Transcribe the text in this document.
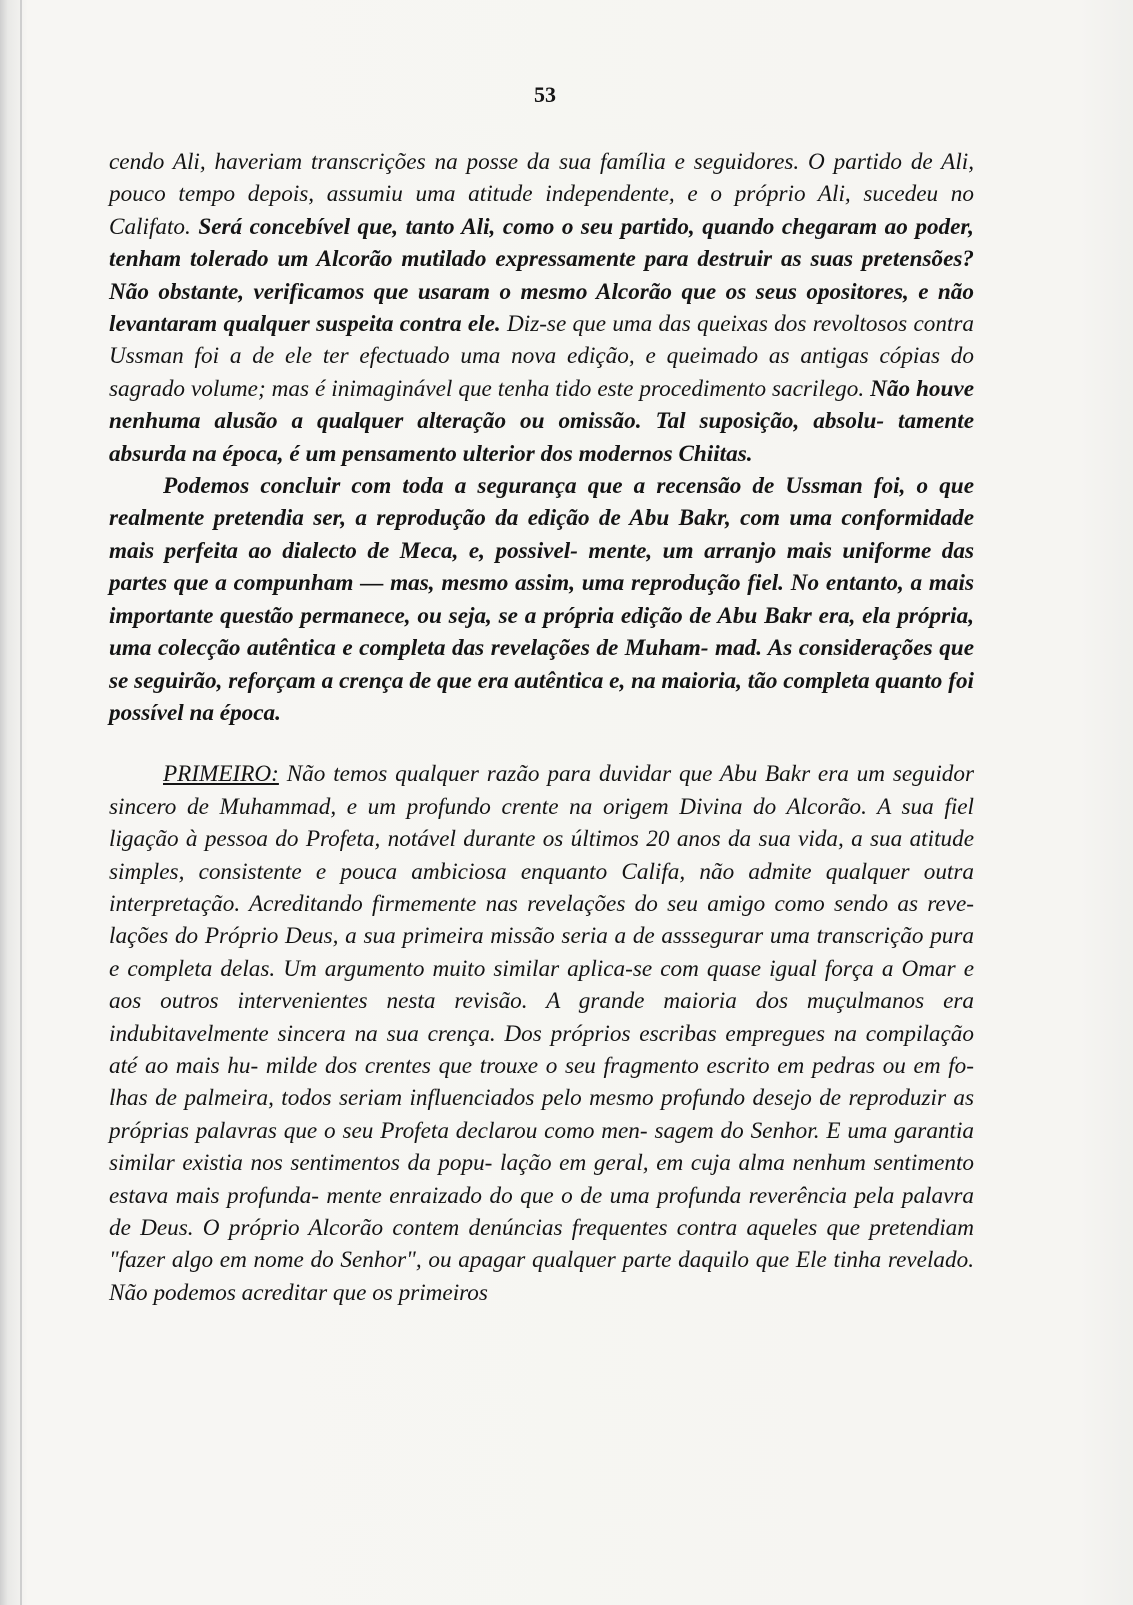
53

cendo Ali, haveriam transcrições na posse da sua família e seguidores. O partido de Ali, pouco tempo depois, assumiu uma atitude independente, e o próprio Ali, sucedeu no Califato. Será concebível que, tanto Ali, como o seu partido, quando chegaram ao poder, tenham tolerado um Alcorão mutilado expressamente para destruir as suas pretensões? Não obstante, verificamos que usaram o mesmo Alcorão que os seus opositores, e não levantaram qualquer suspeita contra ele. Diz-se que uma das queixas dos revoltosos contra Ussman foi a de ele ter efectuado uma nova edição, e queimado as antigas cópias do sagrado volume; mas é inimaginável que tenha tido este procedimento sacrilego. Não houve nenhuma alusão a qualquer alteração ou omissão. Tal suposição, absolu- tamente absurda na época, é um pensamento ulterior dos modernos Chiitas.

Podemos concluir com toda a segurança que a recensão de Ussman foi, o que realmente pretendia ser, a reprodução da edição de Abu Bakr, com uma conformidade mais perfeita ao dialecto de Meca, e, possivel- mente, um arranjo mais uniforme das partes que a compunham — mas, mesmo assim, uma reprodução fiel. No entanto, a mais importante questão permanece, ou seja, se a própria edição de Abu Bakr era, ela própria, uma colecção autêntica e completa das revelações de Muham- mad. As considerações que se seguirão, reforçam a crença de que era autêntica e, na maioria, tão completa quanto foi possível na época.

PRIMEIRO: Não temos qualquer razão para duvidar que Abu Bakr era um seguidor sincero de Muhammad, e um profundo crente na origem Divina do Alcorão. A sua fiel ligação à pessoa do Profeta, notável durante os últimos 20 anos da sua vida, a sua atitude simples, consistente e pouca ambiciosa enquanto Califa, não admite qualquer outra interpretação. Acreditando firmemente nas revelações do seu amigo como sendo as reve- lações do Próprio Deus, a sua primeira missão seria a de asssegurar uma transcrição pura e completa delas. Um argumento muito similar aplica-se com quase igual força a Omar e aos outros intervenientes nesta revisão. A grande maioria dos muçulmanos era indubitavelmente sincera na sua crença. Dos próprios escribas empregues na compilação até ao mais hu- milde dos crentes que trouxe o seu fragmento escrito em pedras ou em fo- lhas de palmeira, todos seriam influenciados pelo mesmo profundo desejo de reproduzir as próprias palavras que o seu Profeta declarou como men- sagem do Senhor. E uma garantia similar existia nos sentimentos da popu- lação em geral, em cuja alma nenhum sentimento estava mais profunda- mente enraizado do que o de uma profunda reverência pela palavra de Deus. O próprio Alcorão contem denúncias frequentes contra aqueles que pretendiam "fazer algo em nome do Senhor", ou apagar qualquer parte daquilo que Ele tinha revelado. Não podemos acreditar que os primeiros
